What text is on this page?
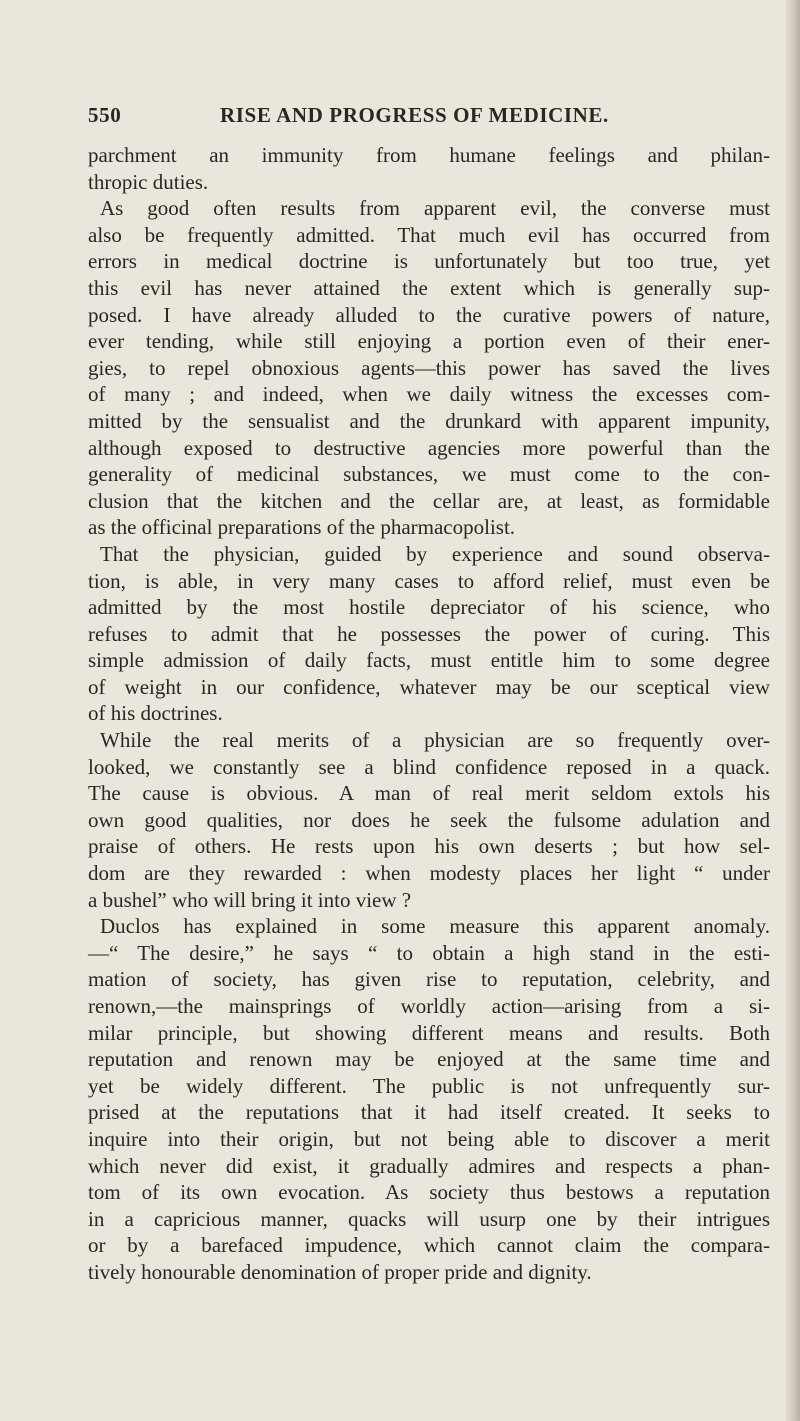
550	RISE AND PROGRESS OF MEDICINE.
parchment an immunity from humane feelings and philan-
thropic duties.
As good often results from apparent evil, the converse must
also be frequently admitted. That much evil has occurred from
errors in medical doctrine is unfortunately but too true, yet
this evil has never attained the extent which is generally sup-
posed. I have already alluded to the curative powers of nature,
ever tending, while still enjoying a portion even of their ener-
gies, to repel obnoxious agents—this power has saved the lives
of many ; and indeed, when we daily witness the excesses com-
mitted by the sensualist and the drunkard with apparent impunity,
although exposed to destructive agencies more powerful than the
generality of medicinal substances, we must come to the con-
clusion that the kitchen and the cellar are, at least, as formidable
as the officinal preparations of the pharmacopolist.
That the physician, guided by experience and sound observa-
tion, is able, in very many cases to afford relief, must even be
admitted by the most hostile depreciator of his science, who
refuses to admit that he possesses the power of curing. This
simple admission of daily facts, must entitle him to some degree
of weight in our confidence, whatever may be our sceptical view
of his doctrines.
While the real merits of a physician are so frequently over-
looked, we constantly see a blind confidence reposed in a quack.
The cause is obvious. A man of real merit seldom extols his
own good qualities, nor does he seek the fulsome adulation and
praise of others. He rests upon his own deserts ; but how sel-
dom are they rewarded : when modesty places her light “ under
a bushel” who will bring it into view ?
Duclos has explained in some measure this apparent anomaly.
—“ The desire,” he says “ to obtain a high stand in the esti-
mation of society, has given rise to reputation, celebrity, and
renown,—the mainsprings of worldly action—arising from a si-
milar principle, but showing different means and results. Both
reputation and renown may be enjoyed at the same time and
yet be widely different. The public is not unfrequently sur-
prised at the reputations that it had itself created. It seeks to
inquire into their origin, but not being able to discover a merit
which never did exist, it gradually admires and respects a phan-
tom of its own evocation. As society thus bestows a reputation
in a capricious manner, quacks will usurp one by their intrigues
or by a barefaced impudence, which cannot claim the compara-
tively honourable denomination of proper pride and dignity.
